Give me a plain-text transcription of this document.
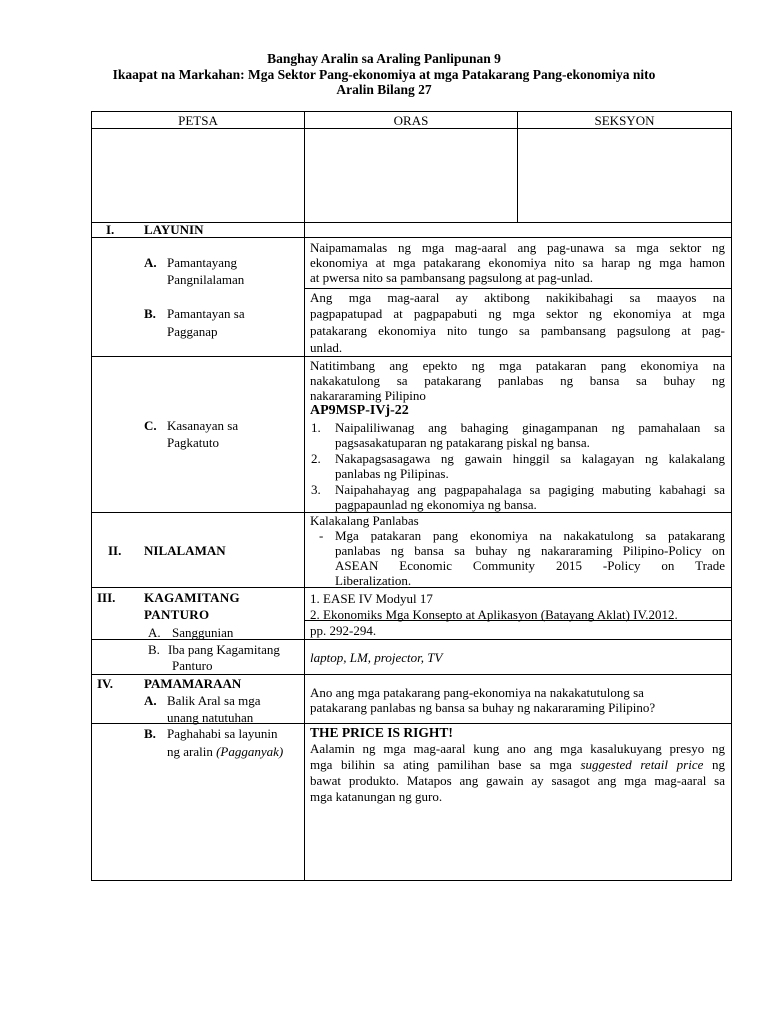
Banghay Aralin sa Araling Panlipunan 9
Ikaapat na Markahan: Mga Sektor Pang-ekonomiya at mga Patakarang Pang-ekonomiya nito
Aralin Bilang 27
PETSA	ORAS	SEKSYON
I. LAYUNIN
A. Pamantayang
Pangnilalaman
Naipamamalas ng mga mag-aaral ang pag-unawa sa mga sektor ng
ekonomiya at mga patakarang ekonomiya nito sa harap ng mga hamon
at pwersa nito sa pambansang pagsulong at pag-unlad.
B. Pamantayan sa
Pagganap
Ang mga mag-aaral ay aktibong nakikibahagi sa maayos na
pagpapatupad at pagpapabuti ng mga sektor ng ekonomiya at mga
patakarang ekonomiya nito tungo sa pambansang pagsulong at pag-
unlad.
C. Kasanayan sa
Pagkatuto
Natitimbang ang epekto ng mga patakaran pang ekonomiya na
nakakatulong sa patakarang panlabas ng bansa sa buhay ng
nakararaming Pilipino
AP9MSP-IVj-22
1. Naipaliliwanag ang bahaging ginagampanan ng pamahalaan sa
pagsasakatuparan ng patakarang piskal ng bansa.
2. Nakapagsasagawa ng gawain hinggil sa kalagayan ng kalakalang
panlabas ng Pilipinas.
3. Naipahahayag ang pagpapahalaga sa pagiging mabuting kabahagi sa
pagpapaunlad ng ekonomiya ng bansa.
II. NILALAMAN
Kalakalang Panlabas
- Mga patakaran pang ekonomiya na nakakatulong sa patakarang
panlabas ng bansa sa buhay ng nakararaming Pilipino-Policy on
ASEAN Economic Community 2015 -Policy on Trade
Liberalization.
III. KAGAMITANG
PANTURO
A. Sanggunian
1. EASE IV Modyul 17
2. Ekonomiks Mga Konsepto at Aplikasyon (Batayang Aklat) IV.2012.
pp. 292-294.
B. Iba pang Kagamitang
Panturo
laptop, LM, projector, TV
IV. PAMAMARAAN
A. Balik Aral sa mga
unang natutuhan
Ano ang mga patakarang pang-ekonomiya na nakakatutulong sa
patakarang panlabas ng bansa sa buhay ng nakararaming Pilipino?
B. Paghahabi sa layunin
ng aralin (Pagganyak)
THE PRICE IS RIGHT!
Aalamin ng mga mag-aaral kung ano ang mga kasalukuyang presyo ng
mga bilihin sa ating pamilihan base sa mga suggested retail price ng
bawat produkto. Matapos ang gawain ay sasagot ang mga mag-aaral sa
mga katanungan ng guro.
